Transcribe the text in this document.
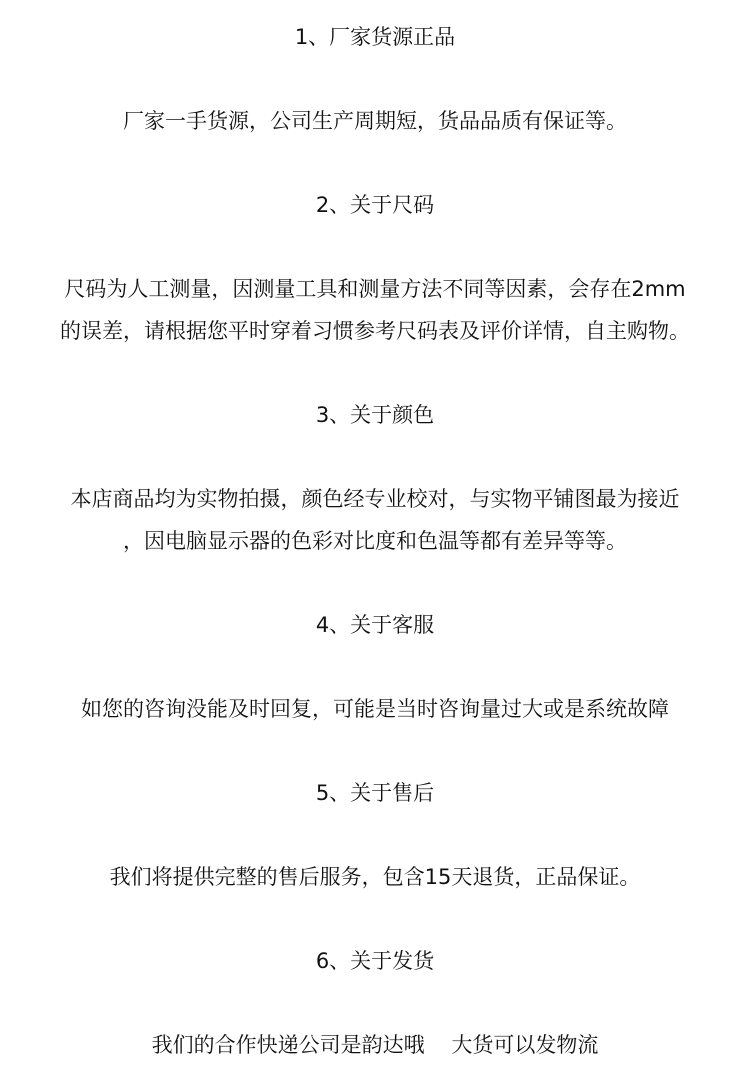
1、厂家货源正品
厂家一手货源，公司生产周期短，货品品质有保证等。
2、关于尺码
尺码为人工测量，因测量工具和测量方法不同等因素，会存在2mm
的误差，请根据您平时穿着习惯参考尺码表及评价详情，自主购物。
3、关于颜色
本店商品均为实物拍摄，颜色经专业校对，与实物平铺图最为接近
，因电脑显示器的色彩对比度和色温等都有差异等等。
4、关于客服
如您的咨询没能及时回复，可能是当时咨询量过大或是系统故障
5、关于售后
我们将提供完整的售后服务，包含15天退货，正品保证。
6、关于发货
我们的合作快递公司是韵达哦    大货可以发物流
